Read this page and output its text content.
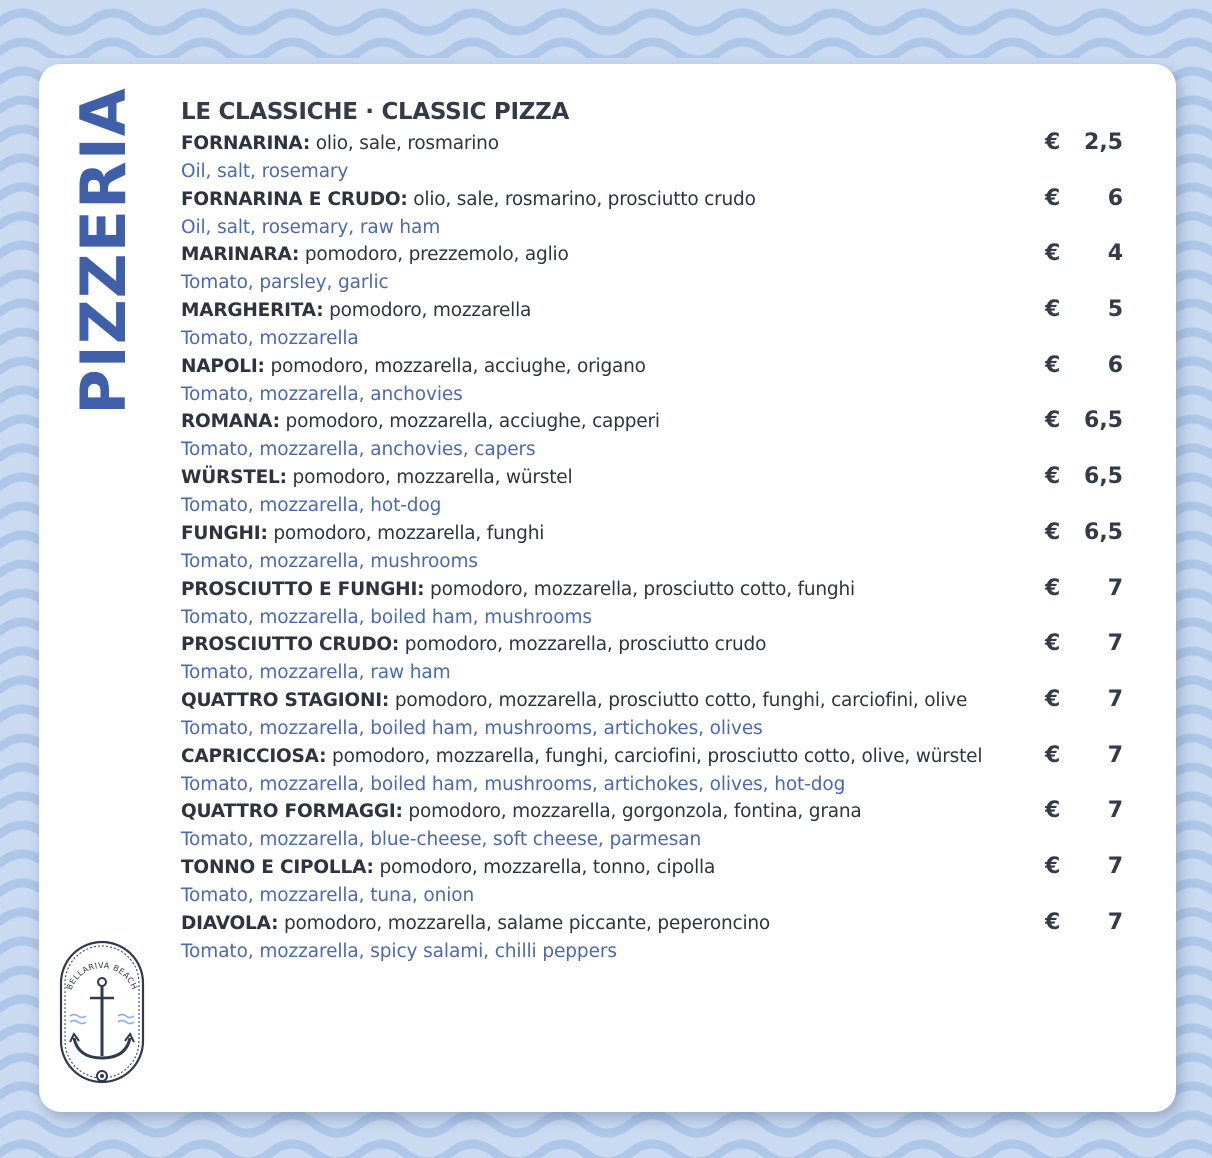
PIZZERIA LE CLASSICHE · CLASSIC PIZZA
FORNARINA: olio, sale, rosmarino
Oil, salt, rosemary
€ 2,5
FORNARINA E CRUDO: olio, sale, rosmarino, prosciutto crudo
Oil, salt, rosemary, raw ham
€ 6
MARINARA: pomodoro, prezzemolo, aglio
Tomato, parsley, garlic
€ 4
MARGHERITA: pomodoro, mozzarella
Tomato, mozzarella
€ 5
NAPOLI: pomodoro, mozzarella, acciughe, origano
Tomato, mozzarella, anchovies
€ 6
ROMANA: pomodoro, mozzarella, acciughe, capperi
Tomato, mozzarella, anchovies, capers
€ 6,5
WÜRSTEL: pomodoro, mozzarella, würstel
Tomato, mozzarella, hot-dog
€ 6,5
FUNGHI: pomodoro, mozzarella, funghi
Tomato, mozzarella, mushrooms
€ 6,5
PROSCIUTTO E FUNGHI: pomodoro, mozzarella, prosciutto cotto, funghi
Tomato, mozzarella, boiled ham, mushrooms
€ 7
PROSCIUTTO CRUDO: pomodoro, mozzarella, prosciutto crudo
Tomato, mozzarella, raw ham
€ 7
QUATTRO STAGIONI: pomodoro, mozzarella, prosciutto cotto, funghi, carciofini, olive
Tomato, mozzarella, boiled ham, mushrooms, artichokes, olives
€ 7
CAPRICCIOSA: pomodoro, mozzarella, funghi, carciofini, prosciutto cotto, olive, würstel
Tomato, mozzarella, boiled ham, mushrooms, artichokes, olives, hot-dog
€ 7
QUATTRO FORMAGGI: pomodoro, mozzarella, gorgonzola, fontina, grana
Tomato, mozzarella, blue-cheese, soft cheese, parmesan
€ 7
TONNO E CIPOLLA: pomodoro, mozzarella, tonno, cipolla
Tomato, mozzarella, tuna, onion
€ 7
DIAVOLA: pomodoro, mozzarella, salame piccante, peperoncino
Tomato, mozzarella, spicy salami, chilli peppers
€ 7
BELLARIVA BEACH
